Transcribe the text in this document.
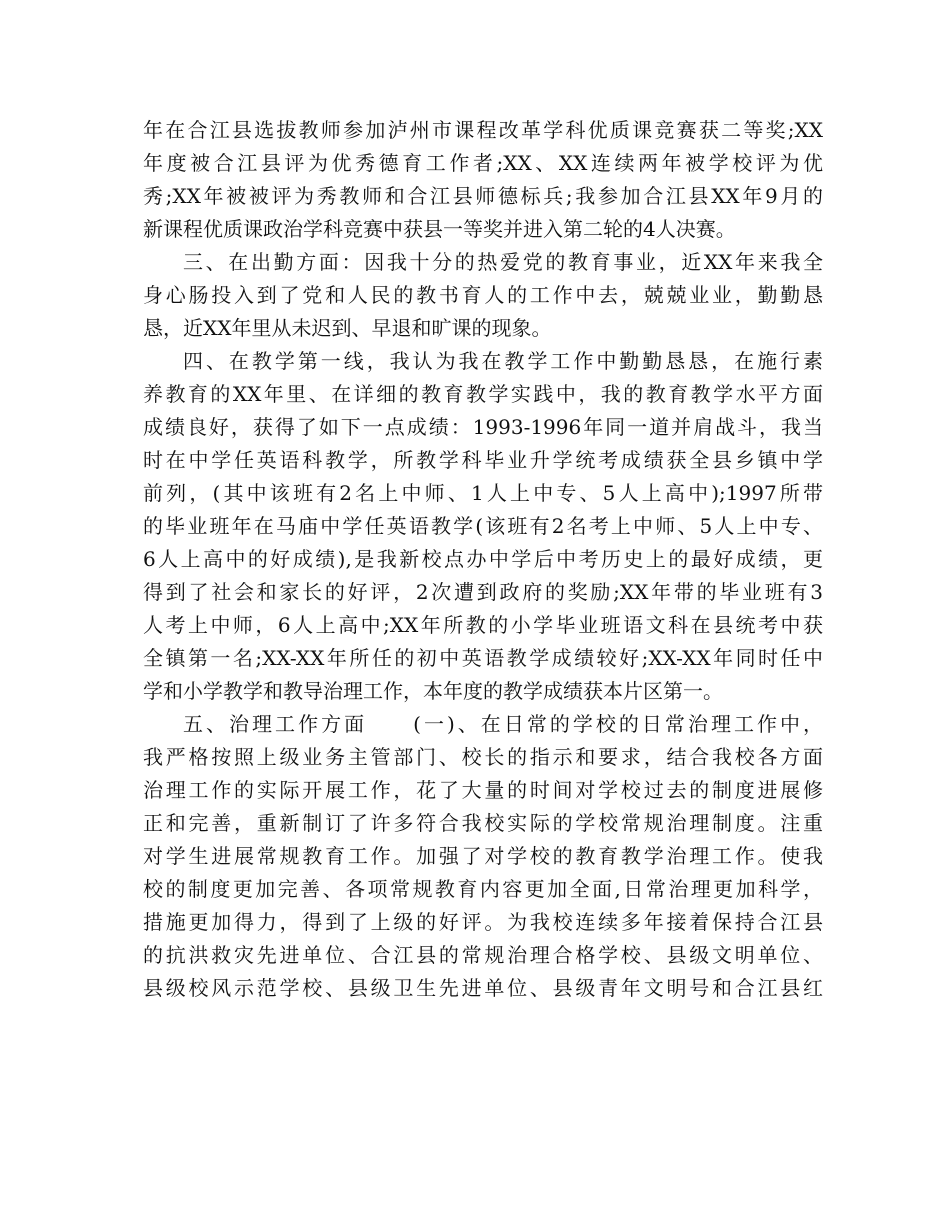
年在合江县选拔教师参加泸州市课程改革学科优质课竞赛获二等奖;XX
年度被合江县评为优秀德育工作者;XX、XX连续两年被学校评为优
秀;XX年被被评为秀教师和合江县师德标兵;我参加合江县XX年9月的
新课程优质课政治学科竞赛中获县一等奖并进入第二轮的4人决赛。
三、在出勤方面：因我十分的热爱党的教育事业，近XX年来我全
身心肠投入到了党和人民的教书育人的工作中去，兢兢业业，勤勤恳
恳，近XX年里从未迟到、早退和旷课的现象。
四、在教学第一线，我认为我在教学工作中勤勤恳恳，在施行素
养教育的XX年里、在详细的教育教学实践中，我的教育教学水平方面
成绩良好，获得了如下一点成绩：1993-1996年同一道并肩战斗，我当
时在中学任英语科教学，所教学科毕业升学统考成绩获全县乡镇中学
前列，(其中该班有2名上中师、1人上中专、5人上高中);1997所带
的毕业班年在马庙中学任英语教学(该班有2名考上中师、5人上中专、
6人上高中的好成绩),是我新校点办中学后中考历史上的最好成绩，更
得到了社会和家长的好评，2次遭到政府的奖励;XX年带的毕业班有3
人考上中师，6人上高中;XX年所教的小学毕业班语文科在县统考中获
全镇第一名;XX-XX年所任的初中英语教学成绩较好;XX-XX年同时任中
学和小学教学和教导治理工作，本年度的教学成绩获本片区第一。
五、治理工作方面　　(一)、在日常的学校的日常治理工作中，
我严格按照上级业务主管部门、校长的指示和要求，结合我校各方面
治理工作的实际开展工作，花了大量的时间对学校过去的制度进展修
正和完善，重新制订了许多符合我校实际的学校常规治理制度。注重
对学生进展常规教育工作。加强了对学校的教育教学治理工作。使我
校的制度更加完善、各项常规教育内容更加全面,日常治理更加科学，
措施更加得力，得到了上级的好评。为我校连续多年接着保持合江县
的抗洪救灾先进单位、合江县的常规治理合格学校、县级文明单位、
县级校风示范学校、县级卫生先进单位、县级青年文明号和合江县红
